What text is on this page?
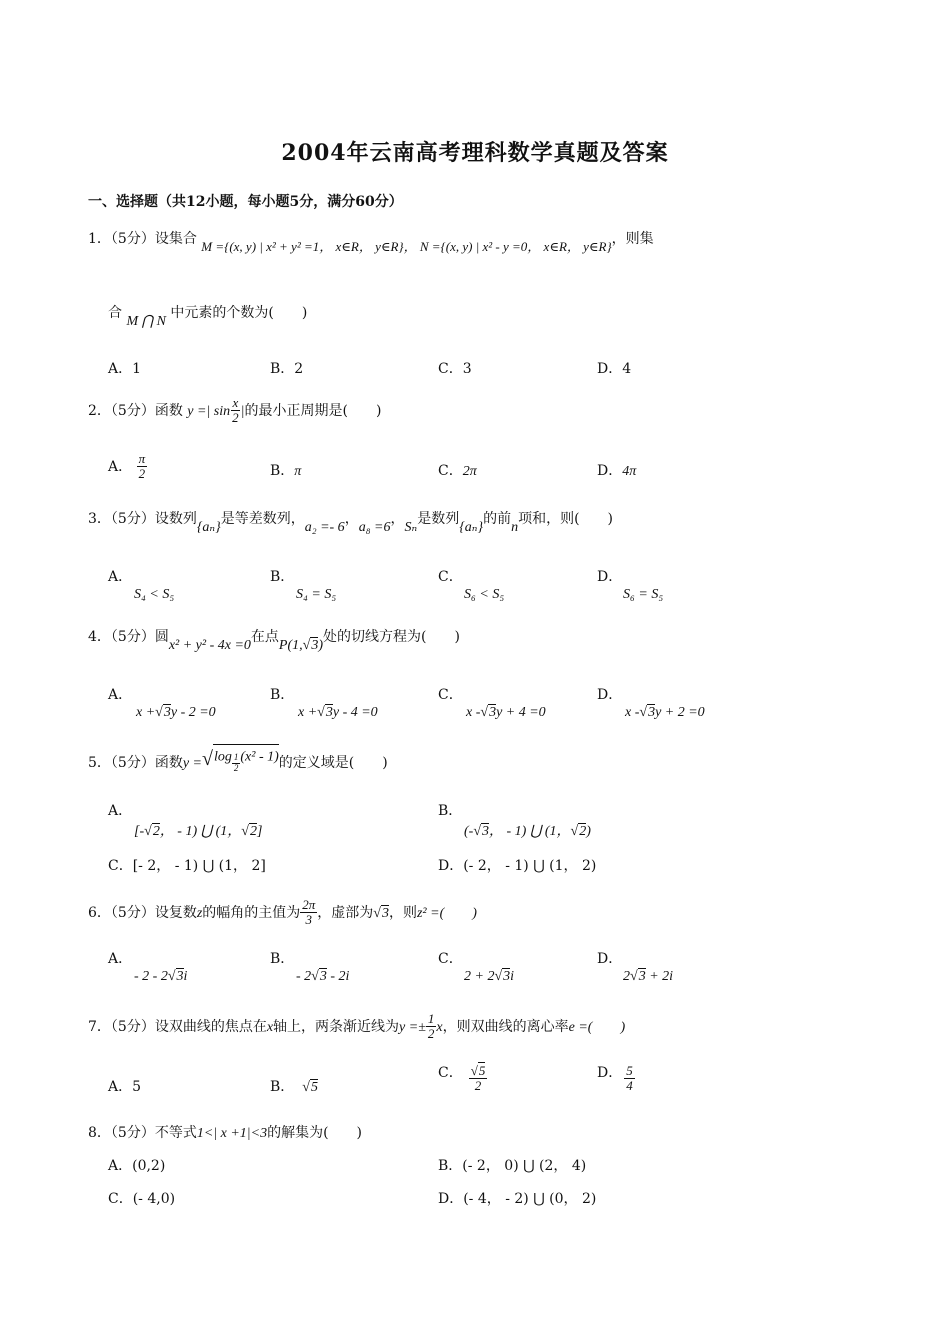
2004年云南高考理科数学真题及答案
一、选择题（共12小题，每小题5分，满分60分）
1．（5分）设集合 M ={(x, y) | x² + y² =1， x∈R， y∈R}， N ={(x, y) | x² - y =0， x∈R， y∈R}，则集
合 M ⋂ N 中元素的个数为(　　)
A．1	B．2	C．3	D．4
2．（5分）函数 y =| $\sin \frac{x}{2}$ |的最小正周期是(　　)
A． $\frac{\pi}{2}$	B．π	C．2π	D．4π
3．（5分）设数列{aₙ}是等差数列，a₂ =- 6，a₈ =6，Sₙ是数列{aₙ}的前n项和，则(　　)
A．
S₄ < S₅
B．
S₄ = S₅
C．
S₆ < S₅
D．
S₆ = S₅
4．（5分）圆x² + y² - 4x =0在点P(1,√3)处的切线方程为(　　)
A．
x +√3y - 2 =0
B．
x +√3y - 4 =0
C．
x -√3y + 4 =0
D．
x -√3y + 2 =0
5．（5分）函数$y =√\log \frac{1}{2} (x^2 - 1)$的定义域是(　　)
A．
[-√2， - 1) ⋃ (1，√2]
B．
(-√3， - 1) ⋃ (1，√2)
C．[- 2， - 1) ⋃ (1， 2]	D．(- 2， - 1) ⋃ (1， 2)
6．（5分）设复数z的幅角的主值为 $\frac{2\pi}{3}$ ，虚部为√3，则z² =(　　)
A．
- 2 - 2√3i
B．
- 2√3 - 2i
C．
2 + 2√3i
D．
2√3 + 2i
7．（5分）设双曲线的焦点在x轴上，两条渐近线为$y =\pm \frac{1}{2}$ x，则双曲线的离心率e =(　　)
A．5	B． √5
C． $\frac{√5}{2}$	D． $\frac{5}{4}$
8．（5分）不等式1<| x +1|<3的解集为(　　)
A．(0,2)	B．(- 2， 0) ⋃ (2， 4)
C．(- 4,0)	D．(- 4， - 2) ⋃ (0， 2)
